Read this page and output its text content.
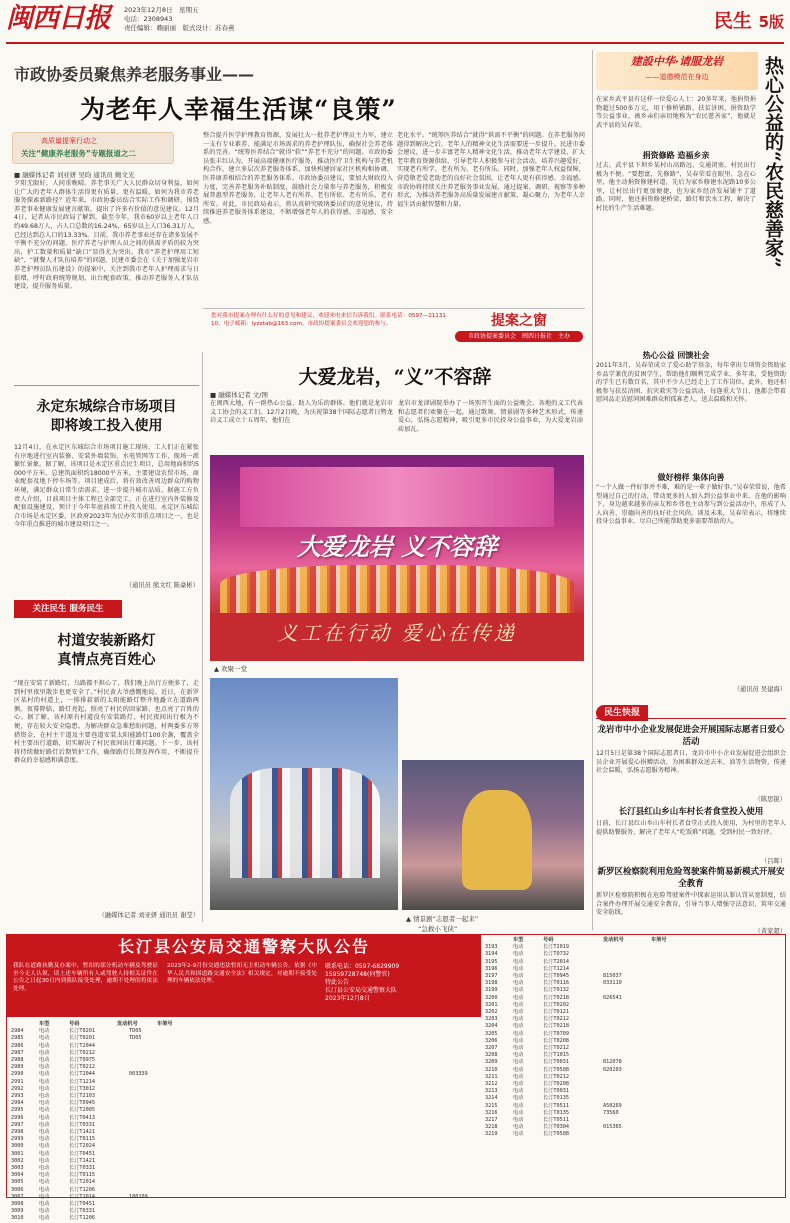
闽西日报 2023年12月8日　星期五
电话：2308943
责任编辑：赖丽丽　版式设计：苏春燕	民生 5版
市政协委员聚焦养老服务事业——
为老年人幸福生活谋“良策”
高质量提案行动之
关注“健康养老服务”专题报道之二
■ 融媒体记者 刘亚妍 吴昀 通讯员 鲍文光
夕阳无限好，人间重晚晴。养老事关广大人民群众切身利益，如何让广大的老年人群体生活得更有质量、更有温暖，如何为我市养老服务探索新路径？近年来，市政协委员结合实际工作和调研，围绕养老事业健康发展建言献策，提出了许多有价值的意见建议。12月4日，记者从市民政局了解到，截至今年，我市60岁以上老年人口约49.68万人，占人口总数的16.24%，65岁以上人口36.31万人，已经达到总人口的13.33%。目前，我市养老事业还存在诸多发展不平衡不充分的问题，医疗养老与护理人员之间的供需矛盾仍较为突出，护工数量和质量“缺口”显得尤为突出。我市“养老护理用工短缺”、“就餐人才队伍培养”的问题，民建市委会在《关于加强龙岩市养老护理员队伍建设》的提案中，关注到我市老年人护理需求与日俱增，呼吁政府统筹规划，出台配套政策，推动养老服务人才队伍建设，提升服务质量。
整合提升医学护理教育资源，发展壮大一批养老护理员主力军，建立一支有专业素养、能满足市场需求的养老护理队伍，确保社会养老体系的完善。“统筹医养结合”就得“软”“养老不充分”的问题。市政协委员张丰红认为，开展高端健康医疗服务，推动医疗卫生机构与养老机构合作，建立多层次养老服务体系，加快构建居家社区机构相协调、医养康养相结合的养老服务体系。市政协委员建议，要加大财政投入力度，完善养老服务补贴制度，鼓励社会力量参与养老服务，积极发展普惠型养老服务，让老年人老有所养、老有所依、老有所乐、老有所安。对此，市民政局表示，将认真研究吸纳委员们的意见建议，持续推进养老服务体系建设，不断增强老年人的获得感、幸福感、安全感。
老化水平。“统筹医养结合”就得“供需不平衡”的问题。在养老服务问题得到解决之后，老年人的精神文化生活需要进一步提升。民进市委会建议，进一步丰富老年人精神文化生活，推动老年大学建设，扩大老年教育资源供给，引导老年人积极参与社会活动，培养兴趣爱好，实现老有所学、老有所为、老有所乐。同时，加强老年人权益保障，营造敬老爱老助老的良好社会氛围，让老年人更有获得感、幸福感。市政协将持续关注养老服务事业发展，通过提案、调研、视察等多种形式，为推动养老服务高质量发展建言献策、凝心聚力，为老年人幸福生活贡献智慧和力量。
您对我市提案办理有什么好的意见和建议，欢迎来电来信告诉我们。联系电话：0597—2113110，电子邮箱：lyzxtab@163.com。市政协提案委员会欢迎您的参与。	提案之窗
市政协提案委员会　闽西日报社　主办
永定东城综合市场项目
即将竣工投入使用
12月4日，在永定区东城综合市场项目施工现场，工人们正在紧张有序地进行室内装修、安装外墙装饰、水电管网等工作，现场一派繁忙景象。据了解，该项目是永定区重点民生项目，总用地面积约5000平方米，总建筑面积约18000平方米，主要建设农贸市场、商业配套及地下停车场等。项目建成后，将有效改善周边群众的购物环境，满足群众日常生活需求，进一步提升城市品质。据施工方负责人介绍，目前项目主体工程已全部完工，正在进行室内外装修及配套设施建设，预计于今年年底前竣工并投入使用。永定区东城综合市场是永定区委、区政府2023年为民办实事重点项目之一，也是今年重点推进的城市建设项目之一。
（通讯员 熊文红 陈豪彬）
关注民生 服务民生
村道安装新路灯
真情点亮百姓心
“现在安装了新路灯，乌路都不担心了，我们晚上出行方便多了，走到村里夜里散步也更安全了。”村民黄大爷感慨地说。近日，在新罗区某村的村道上，一排排崭新的太阳能路灯整齐地矗立在道路两侧。夜幕降临，路灯亮起，照亮了村民的回家路，也点亮了百姓的心。据了解，该村原有村道没有安装路灯，村民夜间出行极为不便，存在较大安全隐患。为解决群众急难愁盼问题，村两委多方筹措资金，在村主干道及主要巷道安装太阳能路灯100余盏，覆盖全村主要出行道路，切实解决了村民夜间出行难问题。下一步，该村将持续做好路灯后期管护工作，确保路灯长期发挥作用，不断提升群众的幸福感和满意度。
（融媒体记者 刘亚妍 通讯员 谢莹）
大爱龙岩，“义”不容辞
■ 融媒体记者 文/图
在闽西大地，有一群热心公益、助人为乐的群体。他们就是龙岩市义工协会的义工们。12月2日晚，为庆祝第38个国际志愿者日暨龙岩义工成立十五周年，他们在
龙岩市龙津剧院举办了一场别开生面的公益晚会。各地的义工代表和志愿者们欢聚在一起，通过歌舞、情景剧等多种艺术形式，传递爱心，弘扬志愿精神，吸引更多市民投身公益事业，为大爱龙岩添砖加瓦。
大爱龙岩 义不容辞
义工在行动 爱心在传递
▲ 欢聚一堂
▲ 情景剧“志愿者一起来”
“急救小飞侠”
建設中华·请服龙岩
——道德模范在身边	热心公益的“农民慈善家”
在家乡武平县有这样一位爱心人士：20多年来，他捐资捐物超过500多万元，用于修桥铺路、扶贫济困、捐资助学等公益事业，被乡亲们亲切地称为“农民慈善家”，他就是武平县的吴春荣。
捐资修路 造福乡亲
过去，武平县下坝乡某村山高路远、交通闭塞，村民出行极为不便。“要想富，先修路”，吴春荣看在眼里、急在心里，他主动捐资修建村道，先后为家乡修建水泥路10多公里，让村民出行更加便捷，也为家乡经济发展铺平了道路。同时，他还捐资修建桥梁、路灯和饮水工程，解决了村民的生产生活难题。
热心公益 回馈社会
2011年3月，吴春荣成立了爱心助学基金，每年拿出专项资金资助家乡品学兼优的贫困学生，帮助他们顺利完成学业。多年来，受他资助的学生已有数百名，其中不少人已经走上了工作岗位。此外，他还积极参与扶贫济困、抗灾救灾等公益活动，每逢重大节日，他都会带着慰问品走访慰问困难群众和孤寡老人，送去温暖和关怀。
做好榜样 集体向善
“一个人做一件好事并不难，难的是一辈子做好事。”吴春荣常说，他希望通过自己的行动，带动更多的人加入到公益事业中来。在他的影响下，身边越来越多的亲友和乡邻也主动参与到公益活动中，形成了人人向善、崇德向善的良好社会风尚。谈及未来，吴春荣表示，将继续投身公益事业，尽自己所能帮助更多需要帮助的人。
（通讯员 吴建海）
民生快报
龙岩市中小企业发展促进会开展国际志愿者日爱心活动
12月5日是第38个国际志愿者日，龙岩市中小企业发展促进会组织会员企业开展爱心捐赠活动，为困难群众送去米、油等生活物资，传递社会温暖，弘扬志愿服务精神。
（陈思锐）
长汀县红山乡山车村长者食堂投入使用
日前，长汀县红山乡山车村长者食堂正式投入使用，为村里的老年人提供助餐服务，解决了老年人“吃饭难”问题，受到村民一致好评。
（吕晖）
新罗区检察院利用危险驾驶案件简易新模式开展安全教育
新罗区检察院积极在危险驾驶案件中探索运用认罪认罚从宽制度，结合案件办理开展交通安全教育，引导当事人增强守法意识，筑牢交通安全防线。
（黄家超）
长汀县公安局交通警察大队公告
我队在道路执勤及办案中，暂扣的部分机动车辆及驾驶证至今无人认领，请上述车辆所有人或驾驶人持相关证件在公告之日起30日内到我队接受处理，逾期不处理的将依法处理。
2023年2-9月份交通违法暂扣无主机动车辆公告。依据《中华人民共和国道路交通安全法》相关规定，对逾期不接受处理的车辆依法处理。
联系电话：0597-6829909
15959728748(何警官)
特此公告
长汀县公安局交通警察大队
2023年12月8日
车型	号码	发动机号	车架号
2984	电动	长汀T0201	TD05
2985	电动	长汀T0201	TD05
2986	电动	长汀T2044
2987	电动	长汀T0212
2988	电动	长汀T0975
2989	电动	长汀T0212
2990	电动	长汀T2044	003339
2991	电动	长汀T1214
2992	电动	长汀T3012
2993	电动	长汀T2103
2994	电动	长汀T0945
2995	电动	长汀T2005
2996	电动	长汀T0413
2997	电动	长汀T0331
2998	电动	长汀T1421
2999	电动	长汀T0115
3000	电动	长汀T2024
3001	电动	长汀T0451
3002	电动	长汀T1421
3003	电动	长汀T0331
3004	电动	长汀T0115
3005	电动	长汀T2014
3006	电动	长汀T1206
3007	电动	长汀T2014	180209
3008	电动	长汀T0451
3009	电动	长汀T0331
3010	电动	长汀T1206
车型	号码	发动机号	车架号
3193	电动	长汀T2019
3194	电动	长汀T0732
3195	电动	长汀T2014
3196	电动	长汀T1214
3197	电动	长汀T0945	815037
3198	电动	长汀T0116	033110
3199	电动	长汀T0132
3200	电动	长汀T0218	026541
3201	电动	长汀T0202
3202	电动	长汀T0121
3203	电动	长汀T0212
3204	电动	长汀T0218
3205	电动	长汀T0709
3206	电动	长汀T0208
3207	电动	长汀T0212
3208	电动	长汀T1015
3209	电动	长汀T0031	812078
3210	电动	长汀T0508	020203
3211	电动	长汀T0212
3212	电动	长汀T0208
3213	电动	长汀T0031
3214	电动	长汀T0135
3215	电动	长汀T0511	A50269
3216	电动	长汀T0135	73560
3217	电动	长汀T0511
3218	电动	长汀T0304	015365
3219	电动	长汀T0508
